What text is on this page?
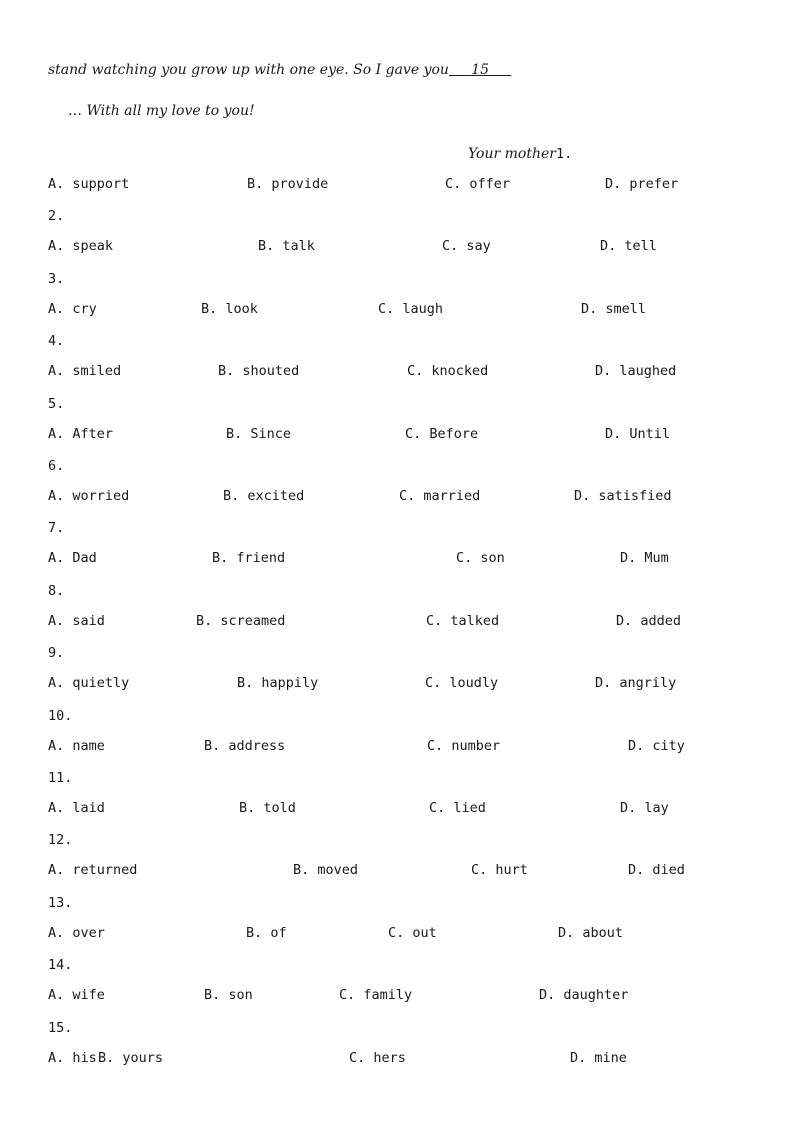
stand watching you grow up with one eye. So I gave you 15
… With all my love to you!
Your mother1.
A. support	B. provide	C. offer	D. prefer
2.
A. speak	B. talk	C. say	D. tell
3.
A. cry	B. look	C. laugh	D. smell
4.
A. smiled	B. shouted	C. knocked	D. laughed
5.
A. After	B. Since	C. Before	D. Until
6.
A. worried	B. excited	C. married	D. satisfied
7.
A. Dad	B. friend	C. son	D. Mum
8.
A. said	B. screamed	C. talked	D. added
9.
A. quietly	B. happily	C. loudly	D. angrily
10.
A. name	B. address	C. number	D. city
11.
A. laid	B. told	C. lied	D. lay
12.
A. returned	B. moved	C. hurt	D. died
13.
A. over	B. of	C. out	D. about
14.
A. wife	B. son	C. family	D. daughter
15.
A. his B. yours	C. hers	D. mine
